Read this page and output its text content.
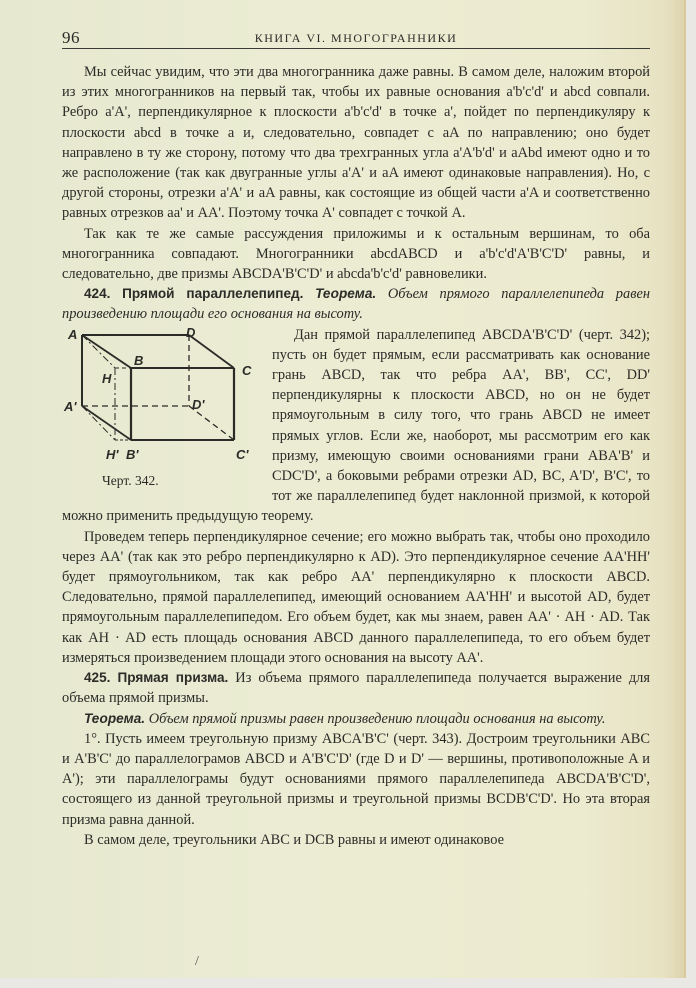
96	КНИГА VI. МНОГОГРАННИКИ

Мы сейчас увидим, что эти два многогранника даже равны. В самом деле, наложим второй из этих многогранников на первый так, чтобы их равные основания a'b'c'd' и abcd совпали. Ребро a'A', перпендикулярное к плоскости a'b'c'd' в точке a', пойдет по перпендикуляру к плоскости abcd в точке a и, следовательно, совпадет с aA по направлению; оно будет направлено в ту же сторону, потому что два трехгранных угла a'A'b'd' и aAbd имеют одно и то же расположение (так как двугранные углы a'A' и aA имеют одинаковые направления). Но, с другой стороны, отрезки a'A' и aA равны, как состоящие из общей части a'A и соответственно равных отрезков aa' и AA'. Поэтому точка A' совпадет с точкой A.

Так как те же самые рассуждения приложимы и к остальным вершинам, то оба многогранника совпадают. Многогранники abcdABCD и a'b'c'd'A'B'C'D' равны, и следовательно, две призмы ABCDA'B'C'D' и abcda'b'c'd' равновелики.

424. Прямой параллелепипед. Теорема. Объем прямого параллелепипеда равен произведению площади его основания на высоту.

A	D
B
C
H
A'	D'
H' B'	C'
Черт. 342.

Дан прямой параллелепипед ABCDA'B'C'D' (черт. 342); пусть он будет прямым, если рассматривать как основание грань ABCD, так что ребра AA', BB', CC', DD' перпендикулярны к плоскости ABCD, но он не будет прямоугольным в силу того, что грань ABCD не имеет прямых углов. Если же, наоборот, мы рассмотрим его как призму, имеющую своими основаниями грани ABA'B' и CDC'D', а боковыми ребрами отрезки AD, BC, A'D', B'C', то тот же параллелепипед будет наклонной призмой, к которой можно применить предыдущую теорему.

Проведем теперь перпендикулярное сечение; его можно выбрать так, чтобы оно проходило через AA' (так как это ребро перпендикулярно к AD). Это перпендикулярное сечение AA'HH' будет прямоугольником, так как ребро AA' перпендикулярно к плоскости ABCD. Следовательно, прямой параллелепипед, имеющий основанием AA'HH' и высотой AD, будет прямоугольным параллелепипедом. Его объем будет, как мы знаем, равен AA' · AH · AD. Так как AH · AD есть площадь основания ABCD данного параллелепипеда, то его объем будет измеряться произведением площади этого основания на высоту AA'.

425. Прямая призма. Из объема прямого параллелепипеда получается выражение для объема прямой призмы.

Теорема. Объем прямой призмы равен произведению площади основания на высоту.

1°. Пусть имеем треугольную призму ABCA'B'C' (черт. 343). Достроим треугольники ABC и A'B'C' до параллелограмов ABCD и A'B'C'D' (где D и D' — вершины, противоположные A и A'); эти параллелограмы будут основаниями прямого параллелепипеда ABCDA'B'C'D', состоящего из данной треугольной призмы и треугольной призмы BCDB'C'D'. Но эта вторая призма равна данной.

В самом деле, треугольники ABC и DCB равны и имеют одинаковое

/
